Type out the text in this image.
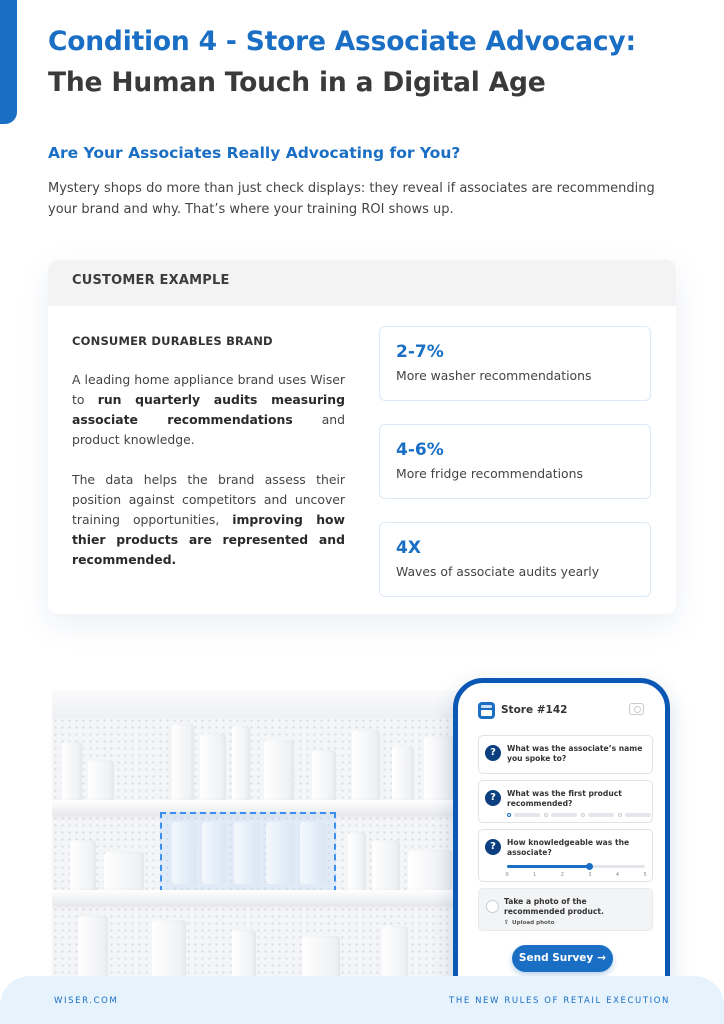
Condition 4 - Store Associate Advocacy:
The Human Touch in a Digital Age
Are Your Associates Really Advocating for You?
Mystery shops do more than just check displays: they reveal if associates are recommending your brand and why. That’s where your training ROI shows up.
CUSTOMER EXAMPLE
CONSUMER DURABLES BRAND
A leading home appliance brand uses Wiser to run quarterly audits measuring associate recommendations and product knowledge.
The data helps the brand assess their position against competitors and uncover training opportunities, improving how thier products are represented and recommended.
2-7%
More washer recommendations
4-6%
More fridge recommendations
4X
Waves of associate audits yearly
Store #142
?	What was the associate’s name you spoke to?
?	What was the first product recommended?
?	How knowledgeable was the associate?
0	1	2	3	4	5
Take a photo of the recommended product.
⇪ Upload photo
Send Survey →
WISER.COM	THE NEW RULES OF RETAIL EXECUTION
